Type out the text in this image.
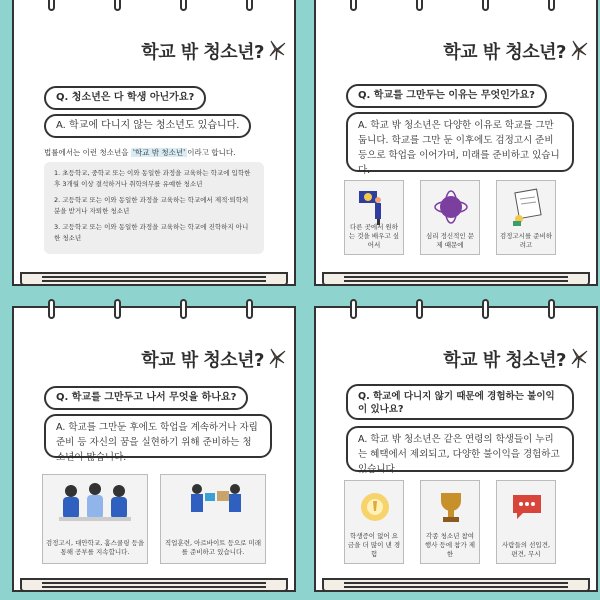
학교 밖 청소년?
Q. 청소년은 다 학생 아닌가요?
A. 학교에 다니지 않는 청소년도 있습니다.
법률에서는 이런 청소년을 '학교 밖 청소년' 이라고 합니다.

1. 초등학교, 중학교 또는 이와 동일한 과정을 교육하는 학교에 입학한 후 3개월 이상 결석하거나 취학의무를 유예한 청소년

2. 고등학교 또는 이와 동일한 과정을 교육하는 학교에서 제적·퇴학처분을 받거나 자퇴한 청소년

3. 고등학교 또는 이와 동일한 과정을 교육하는 학교에 진학하지 아니한 청소년

학교 밖 청소년?
Q. 학교를 그만두는 이유는 무엇인가요?
A. 학교 밖 청소년은 다양한 이유로 학교를 그만둡니다. 학교를 그만 둔 이후에도 검정고시 준비 등으로 학업을 이어가며, 미래를 준비하고 있습니다.
다른 곳에서 원하는 것을 배우고 싶어서
심리 정신적인 문제 때문에
검정고시를 준비하려고
학교 밖 청소년?
Q. 학교를 그만두고 나서 무엇을 하나요?
A. 학교를 그만둔 후에도 학업을 계속하거나 자립준비 등 자신의 꿈을 실현하기 위해 준비하는 청소년이 많습니다.
검정고시, 대안학교, 홈스쿨링 등을 통해 공부를 지속합니다.
직업훈련, 아르바이트 등으로 미래를 준비하고 있습니다.
학교 밖 청소년?
Q. 학교에 다니지 않기 때문에 경험하는 불이익이 있나요?
A. 학교 밖 청소년은 같은 연령의 학생들이 누리는 혜택에서 제외되고, 다양한 불이익을 경험하고 있습니다.
학생증이 없어 요금을 더 많이 낸 경험
각종 청소년 참여 행사 등에 참가 제한
사람들의 선입견, 편견, 무시
